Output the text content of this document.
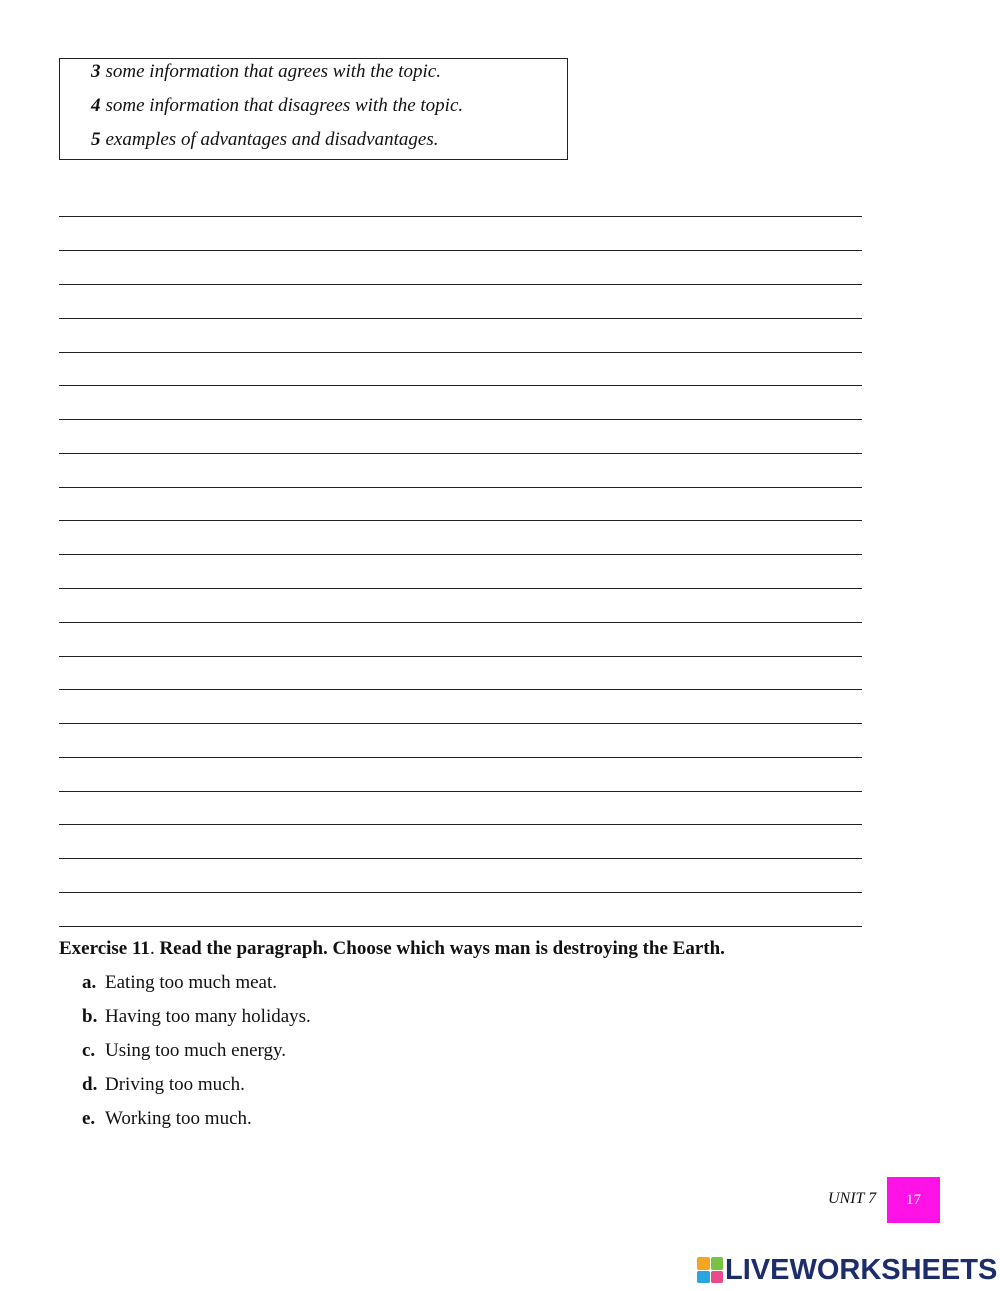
3 some information that agrees with the topic.
4 some information that disagrees with the topic.
5 examples of advantages and disadvantages.
Exercise 11. Read the paragraph. Choose which ways man is destroying the Earth.
a. Eating too much meat.
b. Having too many holidays.
c. Using too much energy.
d. Driving too much.
e. Working too much.
UNIT 7 17
LIVEWORKSHEETS
